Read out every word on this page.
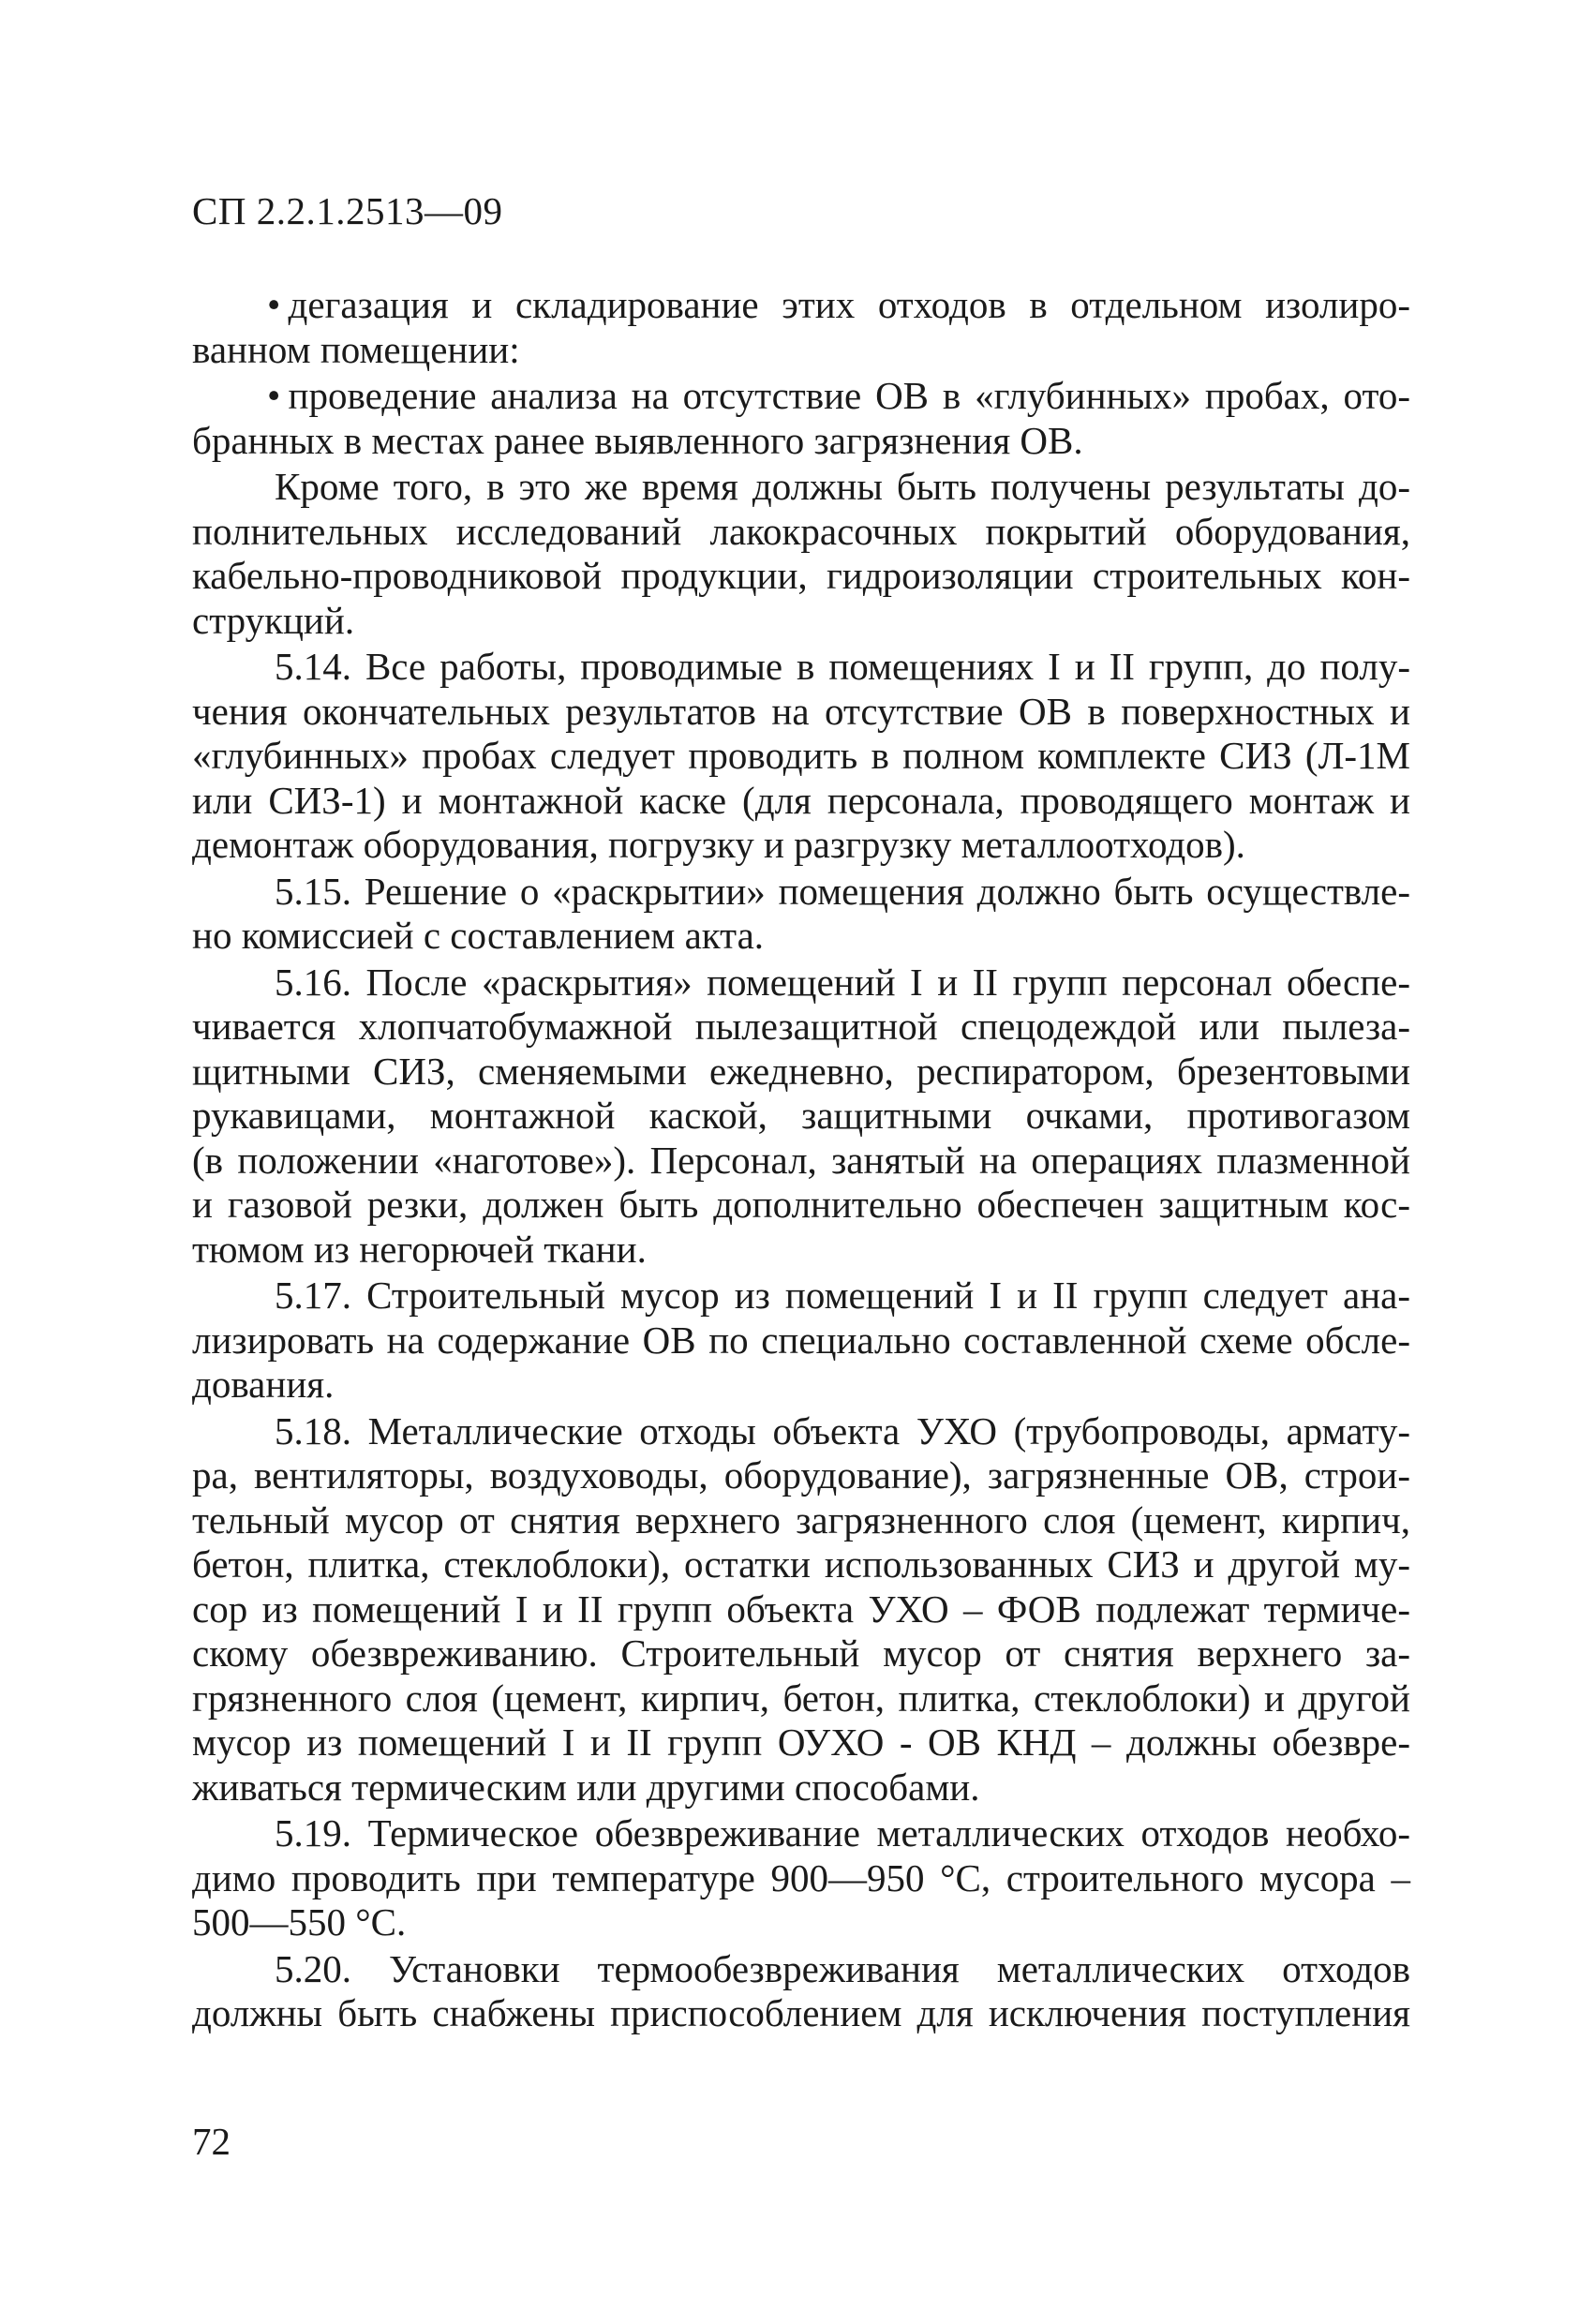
СП 2.2.1.2513—09
• дегазация и складирование этих отходов в отдельном изолиро-
ванном помещении:
• проведение анализа на отсутствие ОВ в «глубинных» пробах, ото-
бранных в местах ранее выявленного загрязнения ОВ.
Кроме того, в это же время должны быть получены результаты до-
полнительных исследований лакокрасочных покрытий оборудования,
кабельно-проводниковой продукции, гидроизоляции строительных кон-
струкций.
5.14. Все работы, проводимые в помещениях I и II групп, до полу-
чения окончательных результатов на отсутствие ОВ в поверхностных и
«глубинных» пробах следует проводить в полном комплекте СИЗ (Л-1М
или СИЗ-1) и монтажной каске (для персонала, проводящего монтаж и
демонтаж оборудования, погрузку и разгрузку металлоотходов).
5.15. Решение о «раскрытии» помещения должно быть осуществле-
но комиссией с составлением акта.
5.16. После «раскрытия» помещений I и II групп персонал обеспе-
чивается хлопчатобумажной пылезащитной спецодеждой или пылеза-
щитными СИЗ, сменяемыми ежедневно, респиратором, брезентовыми
рукавицами, монтажной каской, защитными очками, противогазом
(в положении «наготове»). Персонал, занятый на операциях плазменной
и газовой резки, должен быть дополнительно обеспечен защитным кос-
тюмом из негорючей ткани.
5.17. Строительный мусор из помещений I и II групп следует ана-
лизировать на содержание ОВ по специально составленной схеме обсле-
дования.
5.18. Металлические отходы объекта УХО (трубопроводы, армату-
ра, вентиляторы, воздуховоды, оборудование), загрязненные ОВ, строи-
тельный мусор от снятия верхнего загрязненного слоя (цемент, кирпич,
бетон, плитка, стеклоблоки), остатки использованных СИЗ и другой му-
сор из помещений I и II групп объекта УХО – ФОВ подлежат термиче-
скому обезвреживанию. Строительный мусор от снятия верхнего за-
грязненного слоя (цемент, кирпич, бетон, плитка, стеклоблоки) и другой
мусор из помещений I и II групп ОУХО - ОВ КНД – должны обезвре-
живаться термическим или другими способами.
5.19. Термическое обезвреживание металлических отходов необхо-
димо проводить при температуре 900—950 °С, строительного мусора –
500—550 °С.
5.20. Установки термообезвреживания металлических отходов
должны быть снабжены приспособлением для исключения поступления
72
